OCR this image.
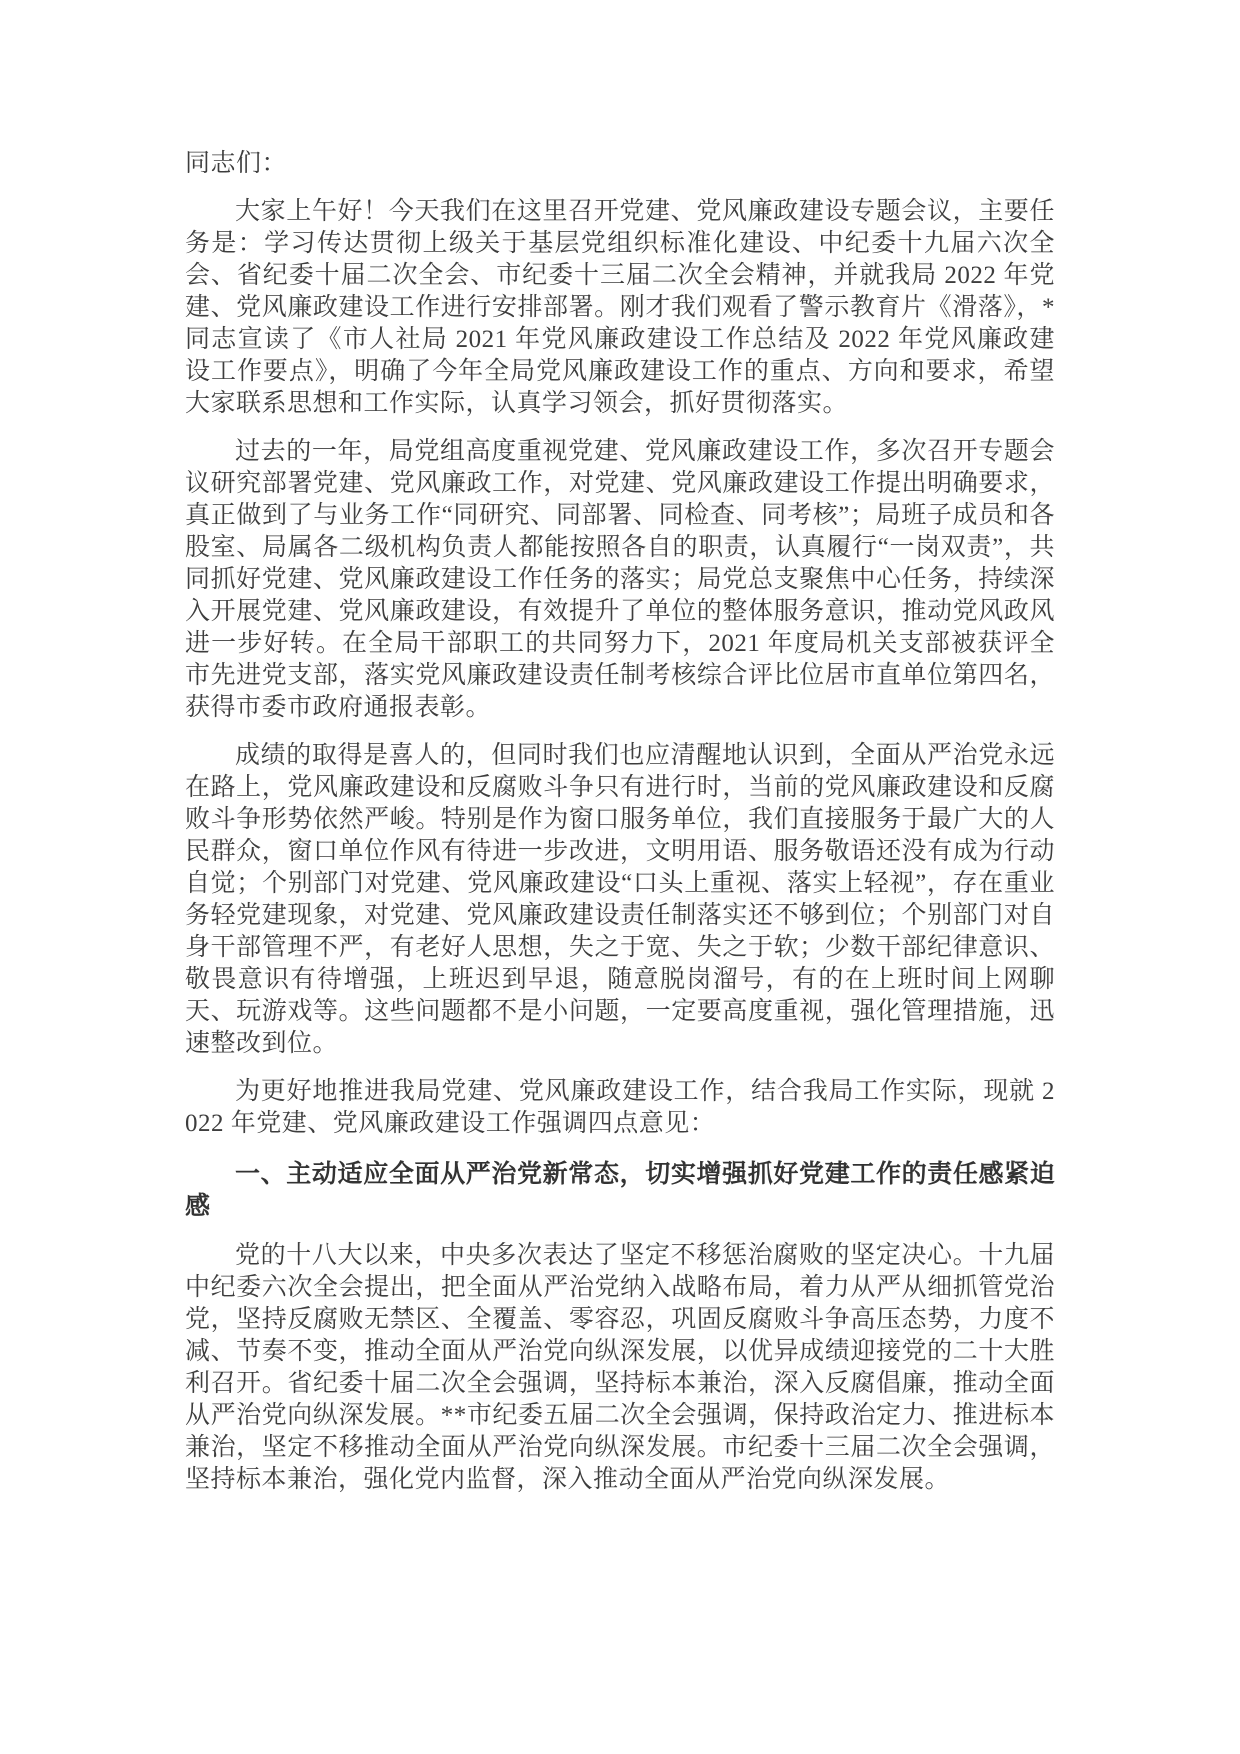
同志们：

大家上午好！今天我们在这里召开党建、党风廉政建设专题会议，主要任务是：学习传达贯彻上级关于基层党组织标准化建设、中纪委十九届六次全会、省纪委十届二次全会、市纪委十三届二次全会精神，并就我局 2022 年党建、党风廉政建设工作进行安排部署。刚才我们观看了警示教育片《滑落》，*同志宣读了《市人社局 2021 年党风廉政建设工作总结及 2022 年党风廉政建设工作要点》，明确了今年全局党风廉政建设工作的重点、方向和要求，希望大家联系思想和工作实际，认真学习领会，抓好贯彻落实。

过去的一年，局党组高度重视党建、党风廉政建设工作，多次召开专题会议研究部署党建、党风廉政工作，对党建、党风廉政建设工作提出明确要求，真正做到了与业务工作“同研究、同部署、同检查、同考核”；局班子成员和各股室、局属各二级机构负责人都能按照各自的职责，认真履行“一岗双责”，共同抓好党建、党风廉政建设工作任务的落实；局党总支聚焦中心任务，持续深入开展党建、党风廉政建设，有效提升了单位的整体服务意识，推动党风政风进一步好转。在全局干部职工的共同努力下，2021 年度局机关支部被获评全市先进党支部，落实党风廉政建设责任制考核综合评比位居市直单位第四名，获得市委市政府通报表彰。

成绩的取得是喜人的，但同时我们也应清醒地认识到，全面从严治党永远在路上，党风廉政建设和反腐败斗争只有进行时，当前的党风廉政建设和反腐败斗争形势依然严峻。特别是作为窗口服务单位，我们直接服务于最广大的人民群众，窗口单位作风有待进一步改进，文明用语、服务敬语还没有成为行动自觉；个别部门对党建、党风廉政建设“口头上重视、落实上轻视”，存在重业务轻党建现象，对党建、党风廉政建设责任制落实还不够到位；个别部门对自身干部管理不严，有老好人思想，失之于宽、失之于软；少数干部纪律意识、敬畏意识有待增强，上班迟到早退，随意脱岗溜号，有的在上班时间上网聊天、玩游戏等。这些问题都不是小问题，一定要高度重视，强化管理措施，迅速整改到位。

为更好地推进我局党建、党风廉政建设工作，结合我局工作实际，现就 2022 年党建、党风廉政建设工作强调四点意见：

一、主动适应全面从严治党新常态，切实增强抓好党建工作的责任感紧迫感

党的十八大以来，中央多次表达了坚定不移惩治腐败的坚定决心。十九届中纪委六次全会提出，把全面从严治党纳入战略布局，着力从严从细抓管党治党，坚持反腐败无禁区、全覆盖、零容忍，巩固反腐败斗争高压态势，力度不减、节奏不变，推动全面从严治党向纵深发展，以优异成绩迎接党的二十大胜利召开。省纪委十届二次全会强调，坚持标本兼治，深入反腐倡廉，推动全面从严治党向纵深发展。**市纪委五届二次全会强调，保持政治定力、推进标本兼治，坚定不移推动全面从严治党向纵深发展。市纪委十三届二次全会强调，坚持标本兼治，强化党内监督，深入推动全面从严治党向纵深发展。
